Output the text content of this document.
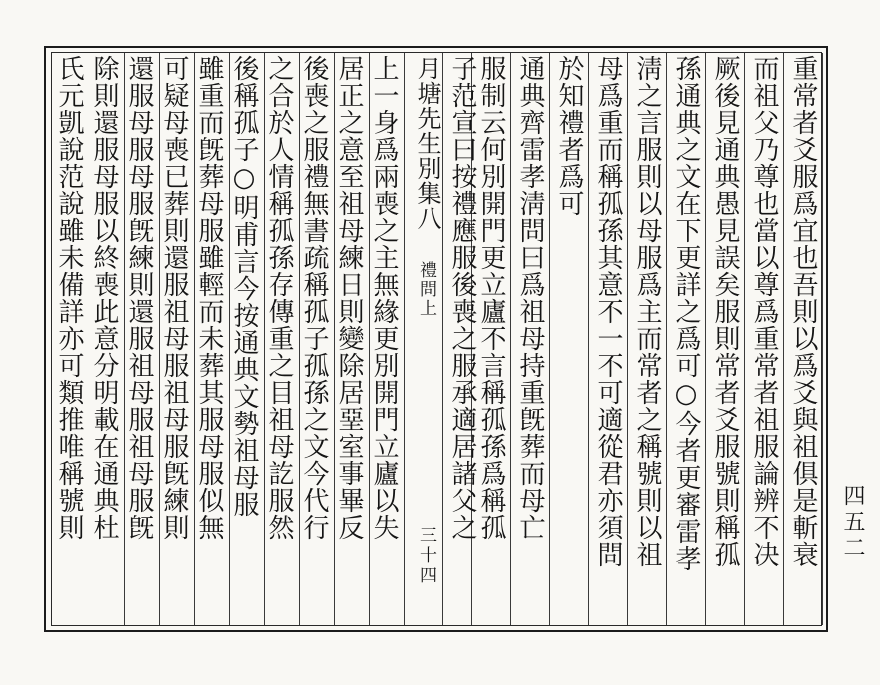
重常者爻服爲宜也吾則以爲爻與祖俱是斬衰
而祖父乃尊也當以尊爲重常者祖服論辨不决
厥後見通典愚見誤矣服則常者爻服號則稱孤
孫通典之文在下更詳之爲可○今者更審雷孝
淸之言服則以母服爲主而常者之稱號則以祖
母爲重而稱孤孫其意不一不可適從君亦須問
於知禮者爲可
通典齊雷孝淸問曰爲祖母持重旣葬而母亡
服制云何別開門更立廬不言稱孤孫爲稱孤
子范宣曰按禮應服後喪之服承適居諸父之
月塘先生別集八
禮問上
三十四
上一身爲兩喪之主無緣更別開門立廬以失
居正之意至祖母練日則變除居堊室事畢反
後喪之服禮無書疏稱孤子孤孫之文今代行
之合於人情稱孤孫存傳重之目祖母訖服然
後稱孤子○明甫言今按通典文勢祖母服
雖重而旣葬母服雖輕而未葬其服母服似無
可疑母喪已葬則還服祖母服祖母服旣練則
還服母服母服旣練則還服祖母服祖母服旣
除則還服母服以終喪此意分明載在通典杜
氏元凱說范說雖未備詳亦可類推唯稱號則	四五二
